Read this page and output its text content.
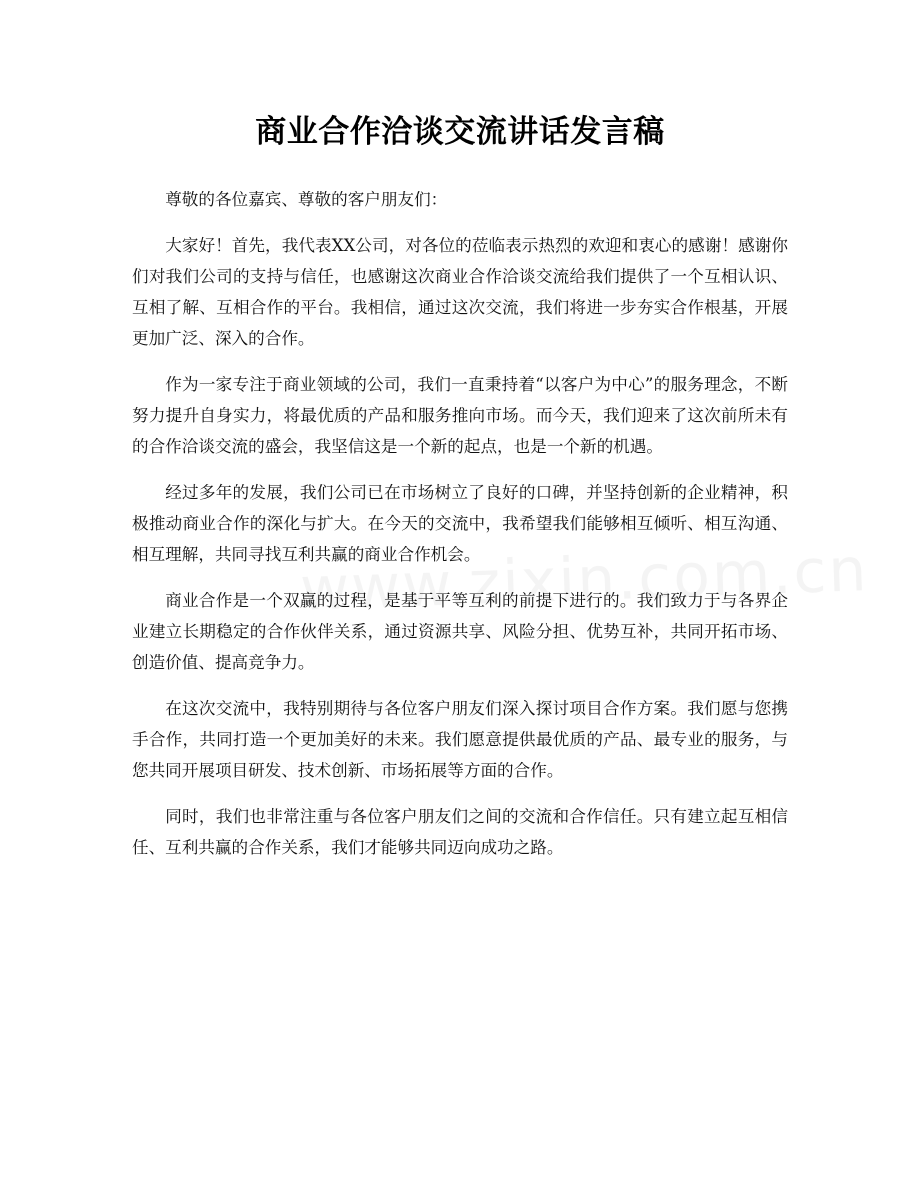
商业合作洽谈交流讲话发言稿

尊敬的各位嘉宾、尊敬的客户朋友们：

大家好！首先，我代表XX公司，对各位的莅临表示热烈的欢迎和衷心的感谢！感谢你们对我们公司的支持与信任，也感谢这次商业合作洽谈交流给我们提供了一个互相认识、互相了解、互相合作的平台。我相信，通过这次交流，我们将进一步夯实合作根基，开展更加广泛、深入的合作。

作为一家专注于商业领域的公司，我们一直秉持着“以客户为中心”的服务理念，不断努力提升自身实力，将最优质的产品和服务推向市场。而今天，我们迎来了这次前所未有的合作洽谈交流的盛会，我坚信这是一个新的起点，也是一个新的机遇。

经过多年的发展，我们公司已在市场树立了良好的口碑，并坚持创新的企业精神，积极推动商业合作的深化与扩大。在今天的交流中，我希望我们能够相互倾听、相互沟通、相互理解，共同寻找互利共赢的商业合作机会。

商业合作是一个双赢的过程，是基于平等互利的前提下进行的。我们致力于与各界企业建立长期稳定的合作伙伴关系，通过资源共享、风险分担、优势互补，共同开拓市场、创造价值、提高竞争力。

在这次交流中，我特别期待与各位客户朋友们深入探讨项目合作方案。我们愿与您携手合作，共同打造一个更加美好的未来。我们愿意提供最优质的产品、最专业的服务，与您共同开展项目研发、技术创新、市场拓展等方面的合作。

同时，我们也非常注重与各位客户朋友们之间的交流和合作信任。只有建立起互相信任、互利共赢的合作关系，我们才能够共同迈向成功之路。
